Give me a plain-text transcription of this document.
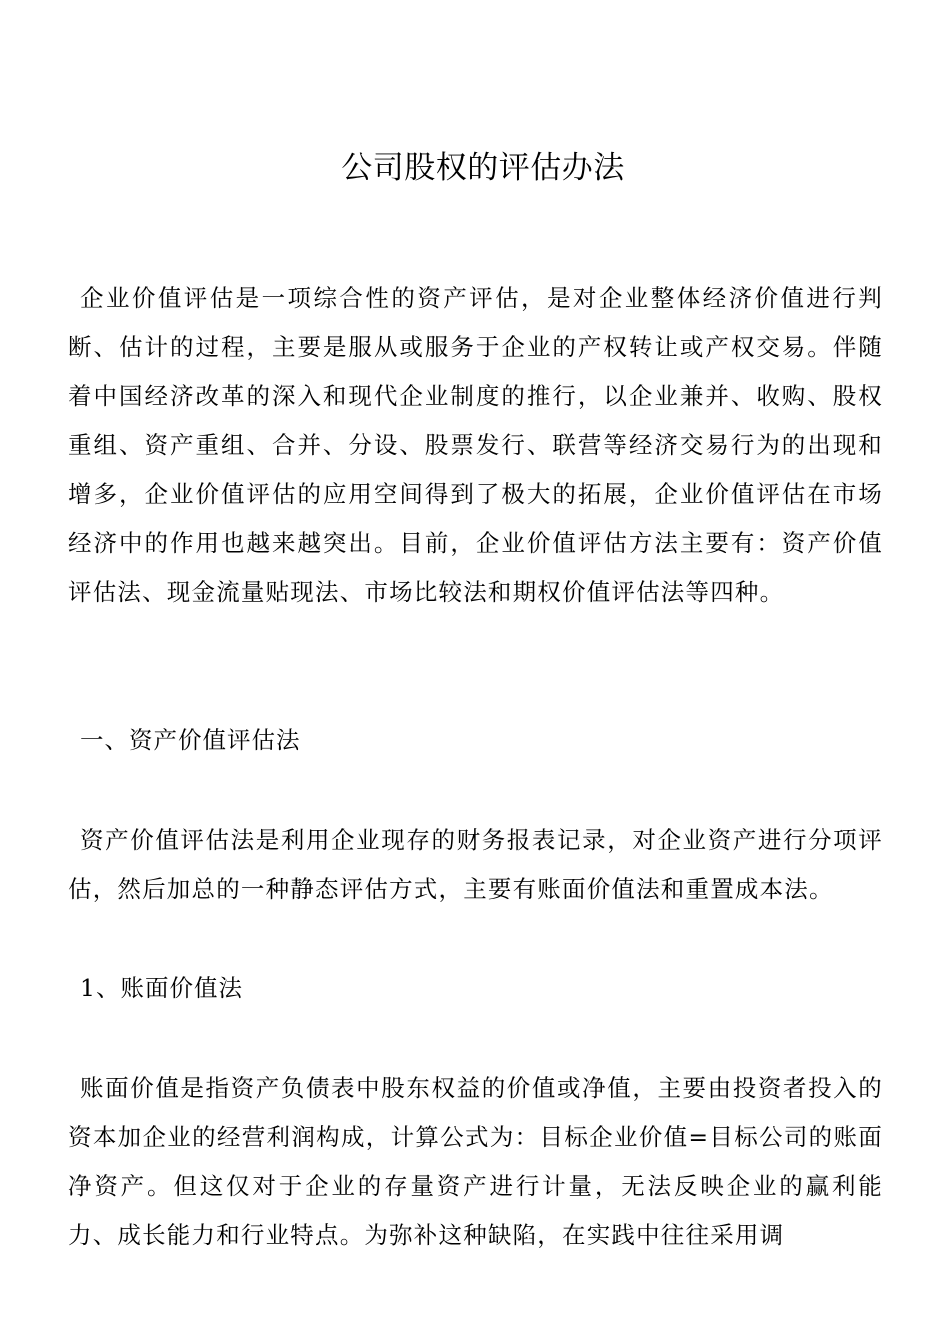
公司股权的评估办法

企业价值评估是一项综合性的资产评估，是对企业整体经济价值进行判断、估计的过程，主要是服从或服务于企业的产权转让或产权交易。伴随着中国经济改革的深入和现代企业制度的推行，以企业兼并、收购、股权重组、资产重组、合并、分设、股票发行、联营等经济交易行为的出现和增多，企业价值评估的应用空间得到了极大的拓展，企业价值评估在市场经济中的作用也越来越突出。目前，企业价值评估方法主要有：资产价值评估法、现金流量贴现法、市场比较法和期权价值评估法等四种。

一、资产价值评估法

资产价值评估法是利用企业现存的财务报表记录，对企业资产进行分项评估，然后加总的一种静态评估方式，主要有账面价值法和重置成本法。

1、账面价值法

账面价值是指资产负债表中股东权益的价值或净值，主要由投资者投入的资本加企业的经营利润构成，计算公式为：目标企业价值=目标公司的账面净资产。但这仅对于企业的存量资产进行计量，无法反映企业的赢利能力、成长能力和行业特点。为弥补这种缺陷，在实践中往往采用调
